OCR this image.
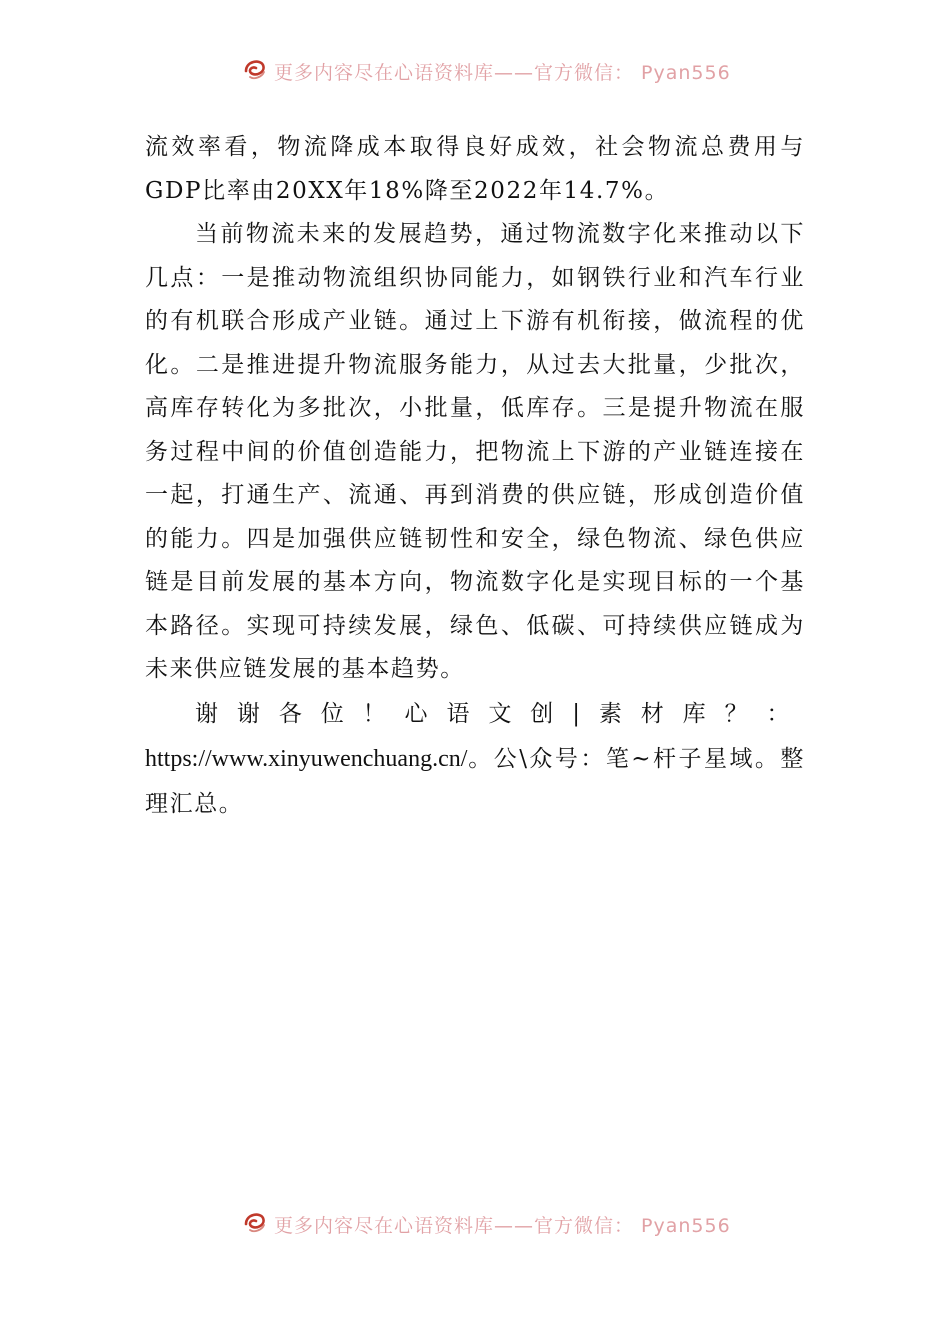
更多内容尽在心语资料库——官方微信： Pyan556

流效率看，物流降成本取得良好成效，社会物流总费用与GDP比率由20XX年18%降至2022年14.7%。

当前物流未来的发展趋势，通过物流数字化来推动以下几点：一是推动物流组织协同能力，如钢铁行业和汽车行业的有机联合形成产业链。通过上下游有机衔接，做流程的优化。二是推进提升物流服务能力，从过去大批量，少批次，高库存转化为多批次，小批量，低库存。三是提升物流在服务过程中间的价值创造能力，把物流上下游的产业链连接在一起，打通生产、流通、再到消费的供应链，形成创造价值的能力。四是加强供应链韧性和安全，绿色物流、绿色供应链是目前发展的基本方向，物流数字化是实现目标的一个基本路径。实现可持续发展，绿色、低碳、可持续供应链成为未来供应链发展的基本趋势。

谢谢各位！心语文创|素材库？：https://www.xinyuwenchuang.cn/。公\众号：笔~杆子星域。整理汇总。

更多内容尽在心语资料库——官方微信： Pyan556
